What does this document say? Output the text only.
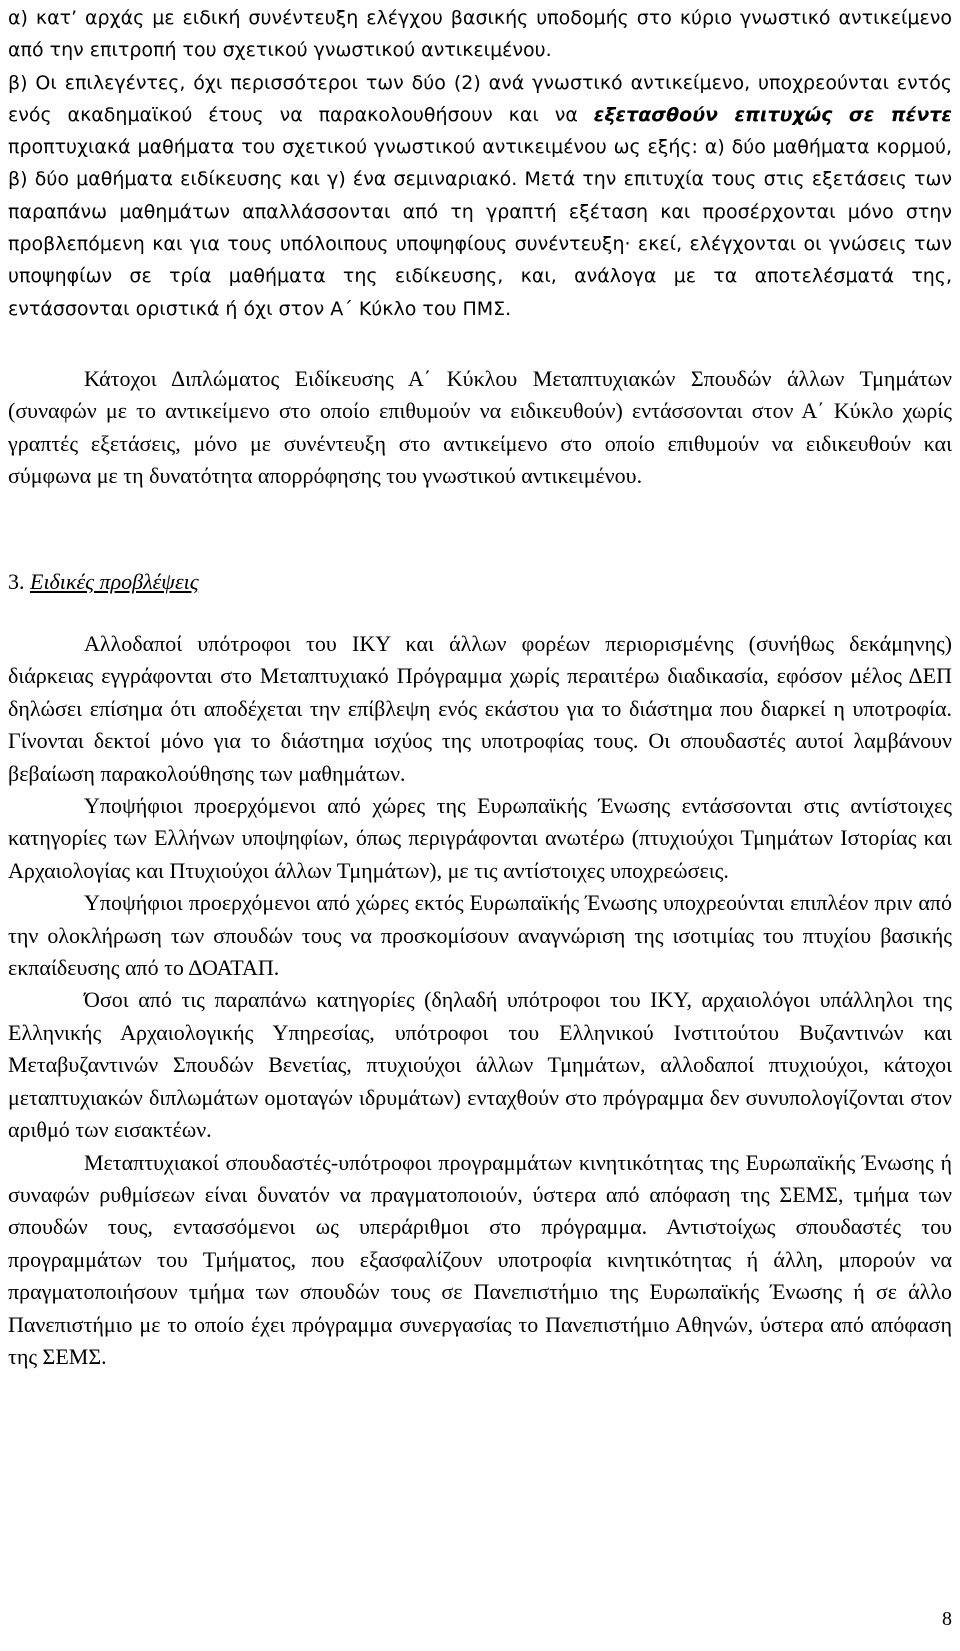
α) κατ’ αρχάς με ειδική συνέντευξη ελέγχου βασικής υποδομής στο κύριο γνωστικό αντικείμενο από την επιτροπή του σχετικού γνωστικού αντικειμένου.

β) Οι επιλεγέντες, όχι περισσότεροι των δύο (2) ανά γνωστικό αντικείμενο, υποχρεούνται εντός ενός ακαδημαϊκού έτους να παρακολουθήσουν και να εξετασθούν επιτυχώς σε πέντε προπτυχιακά μαθήματα του σχετικού γνωστικού αντικειμένου ως εξής: α) δύο μαθήματα κορμού, β) δύο μαθήματα ειδίκευσης και γ) ένα σεμιναριακό. Μετά την επιτυχία τους στις εξετάσεις των παραπάνω μαθημάτων απαλλάσσονται από τη γραπτή εξέταση και προσέρχονται μόνο στην προβλεπόμενη και για τους υπόλοιπους υποψηφίους συνέντευξη· εκεί, ελέγχονται οι γνώσεις των υποψηφίων σε τρία μαθήματα της ειδίκευσης, και, ανάλογα με τα αποτελέσματά της, εντάσσονται οριστικά ή όχι στον Α΄ Κύκλο του ΠΜΣ.

Κάτοχοι Διπλώματος Ειδίκευσης Α΄ Κύκλου Μεταπτυχιακών Σπουδών άλλων Τμημάτων (συναφών με το αντικείμενο στο οποίο επιθυμούν να ειδικευθούν) εντάσσονται στον Α΄ Κύκλο χωρίς γραπτές εξετάσεις, μόνο με συνέντευξη στο αντικείμενο στο οποίο επιθυμούν να ειδικευθούν και σύμφωνα με τη δυνατότητα απορρόφησης του γνωστικού αντικειμένου.

3. Ειδικές προβλέψεις

Αλλοδαποί υπότροφοι του ΙΚΥ και άλλων φορέων περιορισμένης (συνήθως δεκάμηνης) διάρκειας εγγράφονται στο Μεταπτυχιακό Πρόγραμμα χωρίς περαιτέρω διαδικασία, εφόσον μέλος ΔΕΠ δηλώσει επίσημα ότι αποδέχεται την επίβλεψη ενός εκάστου για το διάστημα που διαρκεί η υποτροφία. Γίνονται δεκτοί μόνο για το διάστημα ισχύος της υποτροφίας τους. Οι σπουδαστές αυτοί λαμβάνουν βεβαίωση παρακολούθησης των μαθημάτων.

Υποψήφιοι προερχόμενοι από χώρες της Ευρωπαϊκής Ένωσης εντάσσονται στις αντίστοιχες κατηγορίες των Ελλήνων υποψηφίων, όπως περιγράφονται ανωτέρω (πτυχιούχοι Τμημάτων Ιστορίας και Αρχαιολογίας και Πτυχιούχοι άλλων Τμημάτων), με τις αντίστοιχες υποχρεώσεις.

Υποψήφιοι προερχόμενοι από χώρες εκτός Ευρωπαϊκής Ένωσης υποχρεούνται επιπλέον πριν από την ολοκλήρωση των σπουδών τους να προσκομίσουν αναγνώριση της ισοτιμίας του πτυχίου βασικής εκπαίδευσης από το ΔΟΑΤΑΠ.

Όσοι από τις παραπάνω κατηγορίες (δηλαδή υπότροφοι του ΙΚΥ, αρχαιολόγοι υπάλληλοι της Ελληνικής Αρχαιολογικής Υπηρεσίας, υπότροφοι του Ελληνικού Ινστιτούτου Βυζαντινών και Μεταβυζαντινών Σπουδών Βενετίας, πτυχιούχοι άλλων Τμημάτων, αλλοδαποί πτυχιούχοι, κάτοχοι μεταπτυχιακών διπλωμάτων ομοταγών ιδρυμάτων) ενταχθούν στο πρόγραμμα δεν συνυπολογίζονται στον αριθμό των εισακτέων.

Μεταπτυχιακοί σπουδαστές-υπότροφοι προγραμμάτων κινητικότητας της Ευρωπαϊκής Ένωσης ή συναφών ρυθμίσεων είναι δυνατόν να πραγματοποιούν, ύστερα από απόφαση της ΣΕΜΣ, τμήμα των σπουδών τους, εντασσόμενοι ως υπεράριθμοι στο πρόγραμμα. Αντιστοίχως σπουδαστές του προγραμμάτων του Τμήματος, που εξασφαλίζουν υποτροφία κινητικότητας ή άλλη, μπορούν να πραγματοποιήσουν τμήμα των σπουδών τους σε Πανεπιστήμιο της Ευρωπαϊκής Ένωσης ή σε άλλο Πανεπιστήμιο με το οποίο έχει πρόγραμμα συνεργασίας το Πανεπιστήμιο Αθηνών, ύστερα από απόφαση της ΣΕΜΣ.

8
